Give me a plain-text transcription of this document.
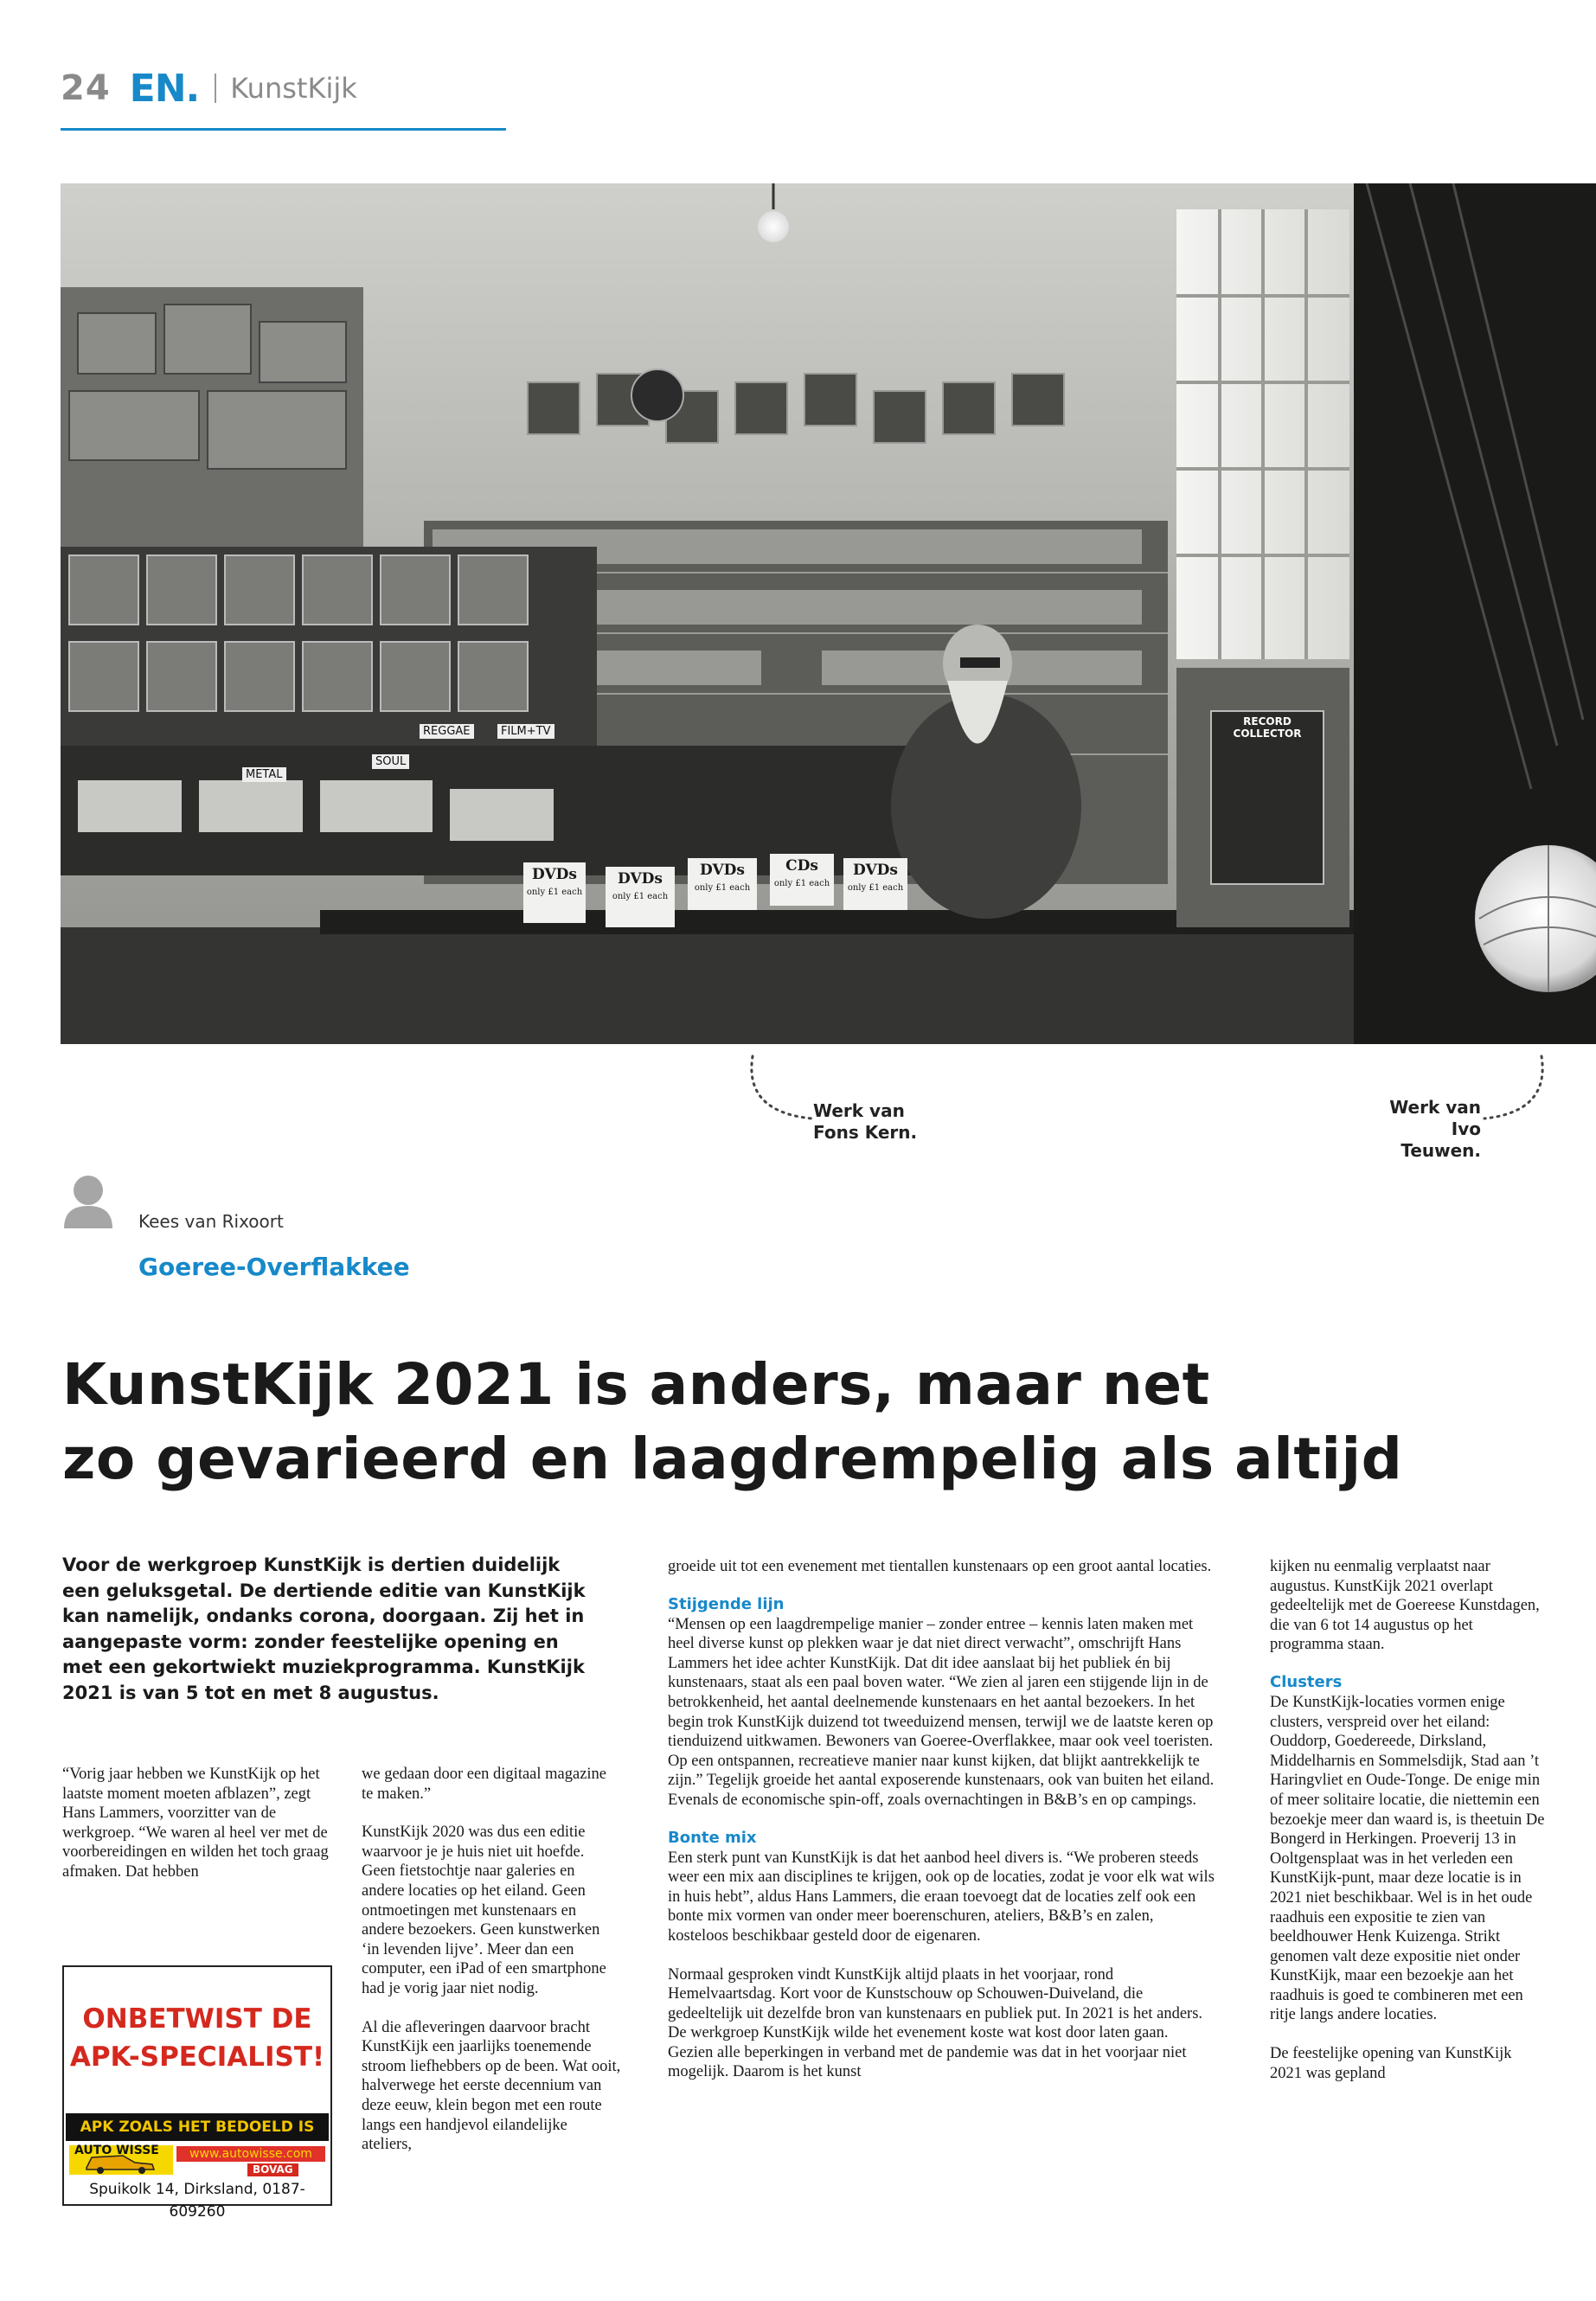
24 EN. KunstKijk
REGGAE	FILM+TV
SOUL
METAL
RECORD COLLECTOR
DVDs
only £1 each
DVDs
only £1 each
DVDs
only £1 each
CDs
only £1 each
DVDs
only £1 each
Werk van
Fons Kern.
Werk van
Ivo Teuwen.
Kees van Rixoort
Goeree-Overflakkee
KunstKijk 2021 is anders, maar net
zo gevarieerd en laagdrempelig als altijd

Voor de werkgroep KunstKijk is dertien duidelijk een geluksgetal. De dertiende editie van KunstKijk kan namelijk, ondanks corona, doorgaan. Zij het in aangepaste vorm: zonder feestelijke opening en met een gekortwiekt muziekprogramma. KunstKijk 2021 is van 5 tot en met 8 augustus.

“Vorig jaar hebben we KunstKijk op het laatste moment moeten afblazen”, zegt Hans Lammers, voorzitter van de werkgroep. “We waren al heel ver met de voorbereidingen en wilden het toch graag afmaken. Dat hebben

ONBETWIST DE
APK-SPECIALIST!
APK ZOALS HET BEDOELD IS
AUTO WISSE	www.autowisse.com
BOVAG
Spuikolk 14, Dirksland, 0187-609260

we gedaan door een digitaal magazine te maken.”

KunstKijk 2020 was dus een editie waarvoor je je huis niet uit hoefde. Geen fietstochtje naar galeries en andere locaties op het eiland. Geen ontmoetingen met kunstenaars en andere bezoekers. Geen kunstwerken ‘in levenden lijve’. Meer dan een computer, een iPad of een smartphone had je vorig jaar niet nodig.

Al die afleveringen daarvoor bracht KunstKijk een jaarlijks toenemende stroom liefhebbers op de been. Wat ooit, halverwege het eerste decennium van deze eeuw, klein begon met een route langs een handjevol eilandelijke ateliers,

groeide uit tot een evenement met tientallen kunstenaars op een groot aantal locaties.

Stijgende lijn

“Mensen op een laagdrempelige manier – zonder entree – kennis laten maken met heel diverse kunst op plekken waar je dat niet direct verwacht”, omschrijft Hans Lammers het idee achter KunstKijk. Dat dit idee aanslaat bij het publiek én bij kunstenaars, staat als een paal boven water. “We zien al jaren een stijgende lijn in de betrokkenheid, het aantal deelnemende kunstenaars en het aantal bezoekers. In het begin trok KunstKijk duizend tot tweeduizend mensen, terwijl we de laatste keren op tienduizend uitkwamen. Bewoners van Goeree-Overflakkee, maar ook veel toeristen. Op een ontspannen, recreatieve manier naar kunst kijken, dat blijkt aantrekkelijk te zijn.” Tegelijk groeide het aantal exposerende kunstenaars, ook van buiten het eiland. Evenals de economische spin-off, zoals overnachtingen in B&B’s en op campings.

Bonte mix

Een sterk punt van KunstKijk is dat het aanbod heel divers is. “We proberen steeds weer een mix aan disciplines te krijgen, ook op de locaties, zodat je voor elk wat wils in huis hebt”, aldus Hans Lammers, die eraan toevoegt dat de locaties zelf ook een bonte mix vormen van onder meer boerenschuren, ateliers, B&B’s en zalen, kosteloos beschikbaar gesteld door de eigenaren.

Normaal gesproken vindt KunstKijk altijd plaats in het voorjaar, rond Hemelvaartsdag. Kort voor de Kunstschouw op Schouwen-Duiveland, die gedeeltelijk uit dezelfde bron van kunstenaars en publiek put. In 2021 is het anders. De werkgroep KunstKijk wilde het evenement koste wat kost door laten gaan. Gezien alle beperkingen in verband met de pandemie was dat in het voorjaar niet mogelijk. Daarom is het kunst

kijken nu eenmalig verplaatst naar augustus. KunstKijk 2021 overlapt gedeeltelijk met de Goereese Kunstdagen, die van 6 tot 14 augustus op het programma staan.

Clusters

De KunstKijk-locaties vormen enige clusters, verspreid over het eiland: Ouddorp, Goedereede, Dirksland, Middelharnis en Sommelsdijk, Stad aan ’t Haringvliet en Oude-Tonge. De enige min of meer solitaire locatie, die niettemin een bezoekje meer dan waard is, is theetuin De Bongerd in Herkingen. Proeverij 13 in Ooltgensplaat was in het verleden een KunstKijk-punt, maar deze locatie is in 2021 niet beschikbaar. Wel is in het oude raadhuis een expositie te zien van beeldhouwer Henk Kuizenga. Strikt genomen valt deze expositie niet onder KunstKijk, maar een bezoekje aan het raadhuis is goed te combineren met een ritje langs andere locaties.

De feestelijke opening van KunstKijk 2021 was gepland
